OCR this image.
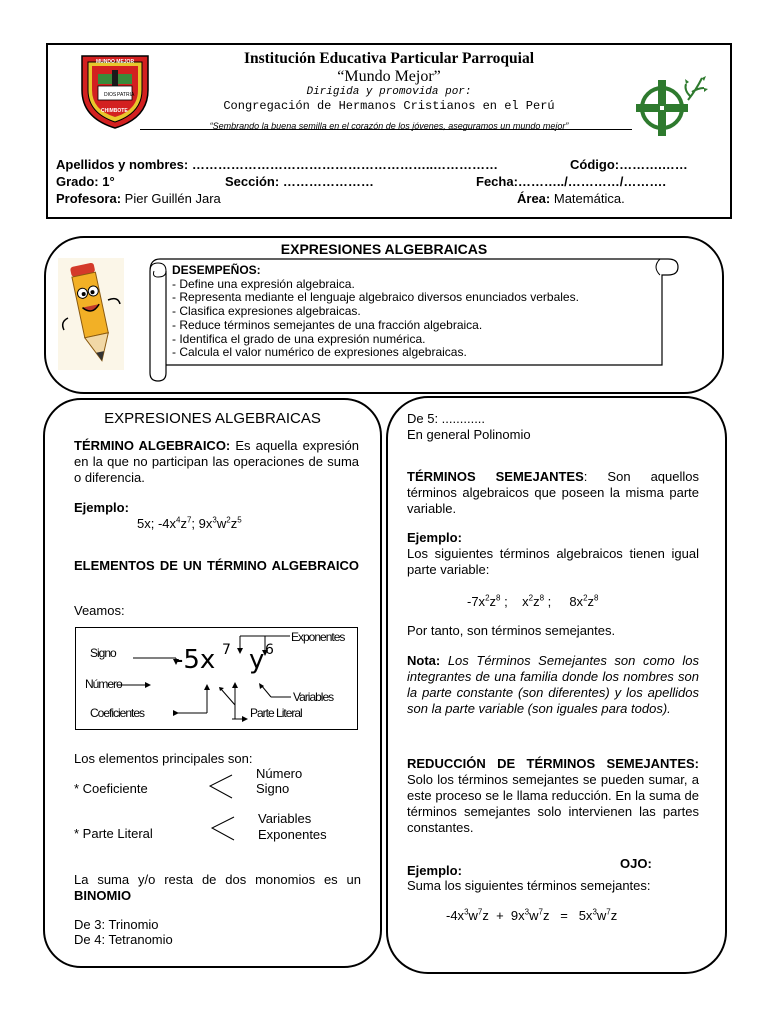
DIOS PATRIA
MUNDO MEJOR
CHIMBOTE
Institución Educativa Particular Parroquial
“Mundo Mejor”
Dirigida y promovida por:
Congregación de Hermanos Cristianos en el Perú
“Sembrando la buena semilla en el corazón de los jóvenes, aseguramos un mundo mejor”
Apellidos y nombres: ………………………………………………..……………	Código:……….……
Grado: 1°	Sección: …………………	Fecha:………../…………/……….
Profesora: Pier Guillén Jara	Área: Matemática.
EXPRESIONES ALGEBRAICAS
DESEMPEÑOS:
- Define una expresión algebraica.
- Representa mediante el lenguaje algebraico diversos enunciados verbales.
- Clasifica expresiones algebraicas.
- Reduce términos semejantes de una fracción algebraica.
- Identifica el grado de una expresión numérica.
- Calcula el valor numérico de expresiones algebraicas.
EXPRESIONES ALGEBRAICAS
TÉRMINO ALGEBRAICO: Es aquella expresión en la que no participan las operaciones de suma o diferencia.
Ejemplo:
5x; $-4x^4z^7$; $9x^3w^2z^5$
ELEMENTOS DE UN TÉRMINO ALGEBRAICO
Veamos:
-5x 7 y 6
Signo
Exponentes
Número
Variables
Coeficientes	Parte Literal
Los elementos principales son:
* Coeficiente
Número
Signo
* Parte Literal
Variables
Exponentes
La suma y/o resta de dos monomios es un BINOMIO
De 3: Trinomio
De 4: Tetranomio
De 5: ............
En general Polinomio
TÉRMINOS SEMEJANTES: Son aquellos términos algebraicos que poseen la misma parte variable.
Ejemplo:
Los siguientes términos algebraicos tienen igual parte variable:
$-7x^2z^8$ ;    $x^2z^8$ ;     $8x^2z^8$
Por tanto, son términos semejantes.
Nota: Los Términos Semejantes son como los integrantes de una familia donde los nombres son la parte constante (son diferentes) y los apellidos son la parte variable (son iguales para todos).
REDUCCIÓN DE TÉRMINOS SEMEJANTES: Solo los términos semejantes se pueden sumar, a este proceso se le llama reducción. En la suma de términos semejantes solo intervienen las partes constantes.
Ejemplo:	OJO:
Suma los siguientes términos semejantes:
$-4x^3w^7z + 9x^3w^7z = 5x^3w^7z$
